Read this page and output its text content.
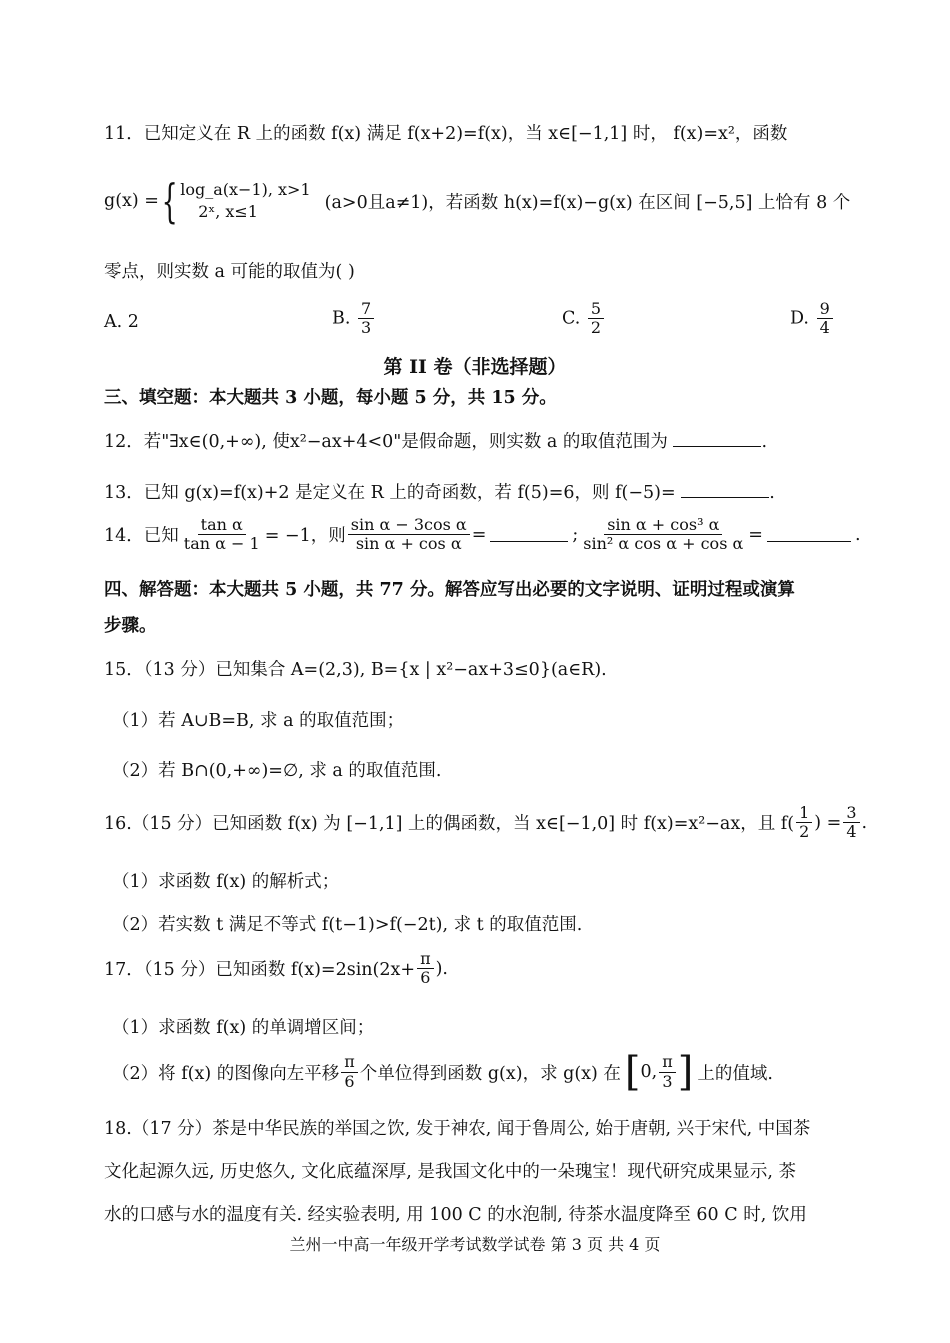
11．已知定义在 R 上的函数 f(x) 满足 f(x+2)=f(x)，当 x∈[−1,1] 时， f(x)=x²，函数
g(x) = { log_a(x−1), x>1
2ˣ, x≤1	(a>0且a≠1)，若函数 h(x)=f(x)−g(x) 在区间 [−5,5] 上恰有 8 个
零点，则实数 a 可能的取值为( )
A. 2	B. $\frac{7}{3}$	C. $\frac{5}{2}$	D. $\frac{9}{4}$
第 II 卷（非选择题）
三、填空题：本大题共 3 小题，每小题 5 分，共 15 分。
12．若"∃x∈(0,+∞), 使x²−ax+4<0"是假命题，则实数 a 的取值范围为	.
13．已知 g(x)=f(x)+2 是定义在 R 上的奇函数，若 f(5)=6，则 f(−5)=	.
14．已知 $\frac{\text{tan α}}{\text{tan α − 1}} = -1$，则 $\frac{\text{sin α − 3cos α}}{\text{sin α + cos α}}$ =	; $\frac{\text{sin α + cos³ α}}{\text{sin² α cos α + cos α}}$ =	.
四、解答题：本大题共 5 小题，共 77 分。解答应写出必要的文字说明、证明过程或演算
步骤。
15．（13 分）已知集合 A=(2,3), B={x | x²−ax+3≤0}(a∈R).
（1）若 A∪B=B, 求 a 的取值范围；
（2）若 B∩(0,+∞)=∅, 求 a 的取值范围.
16.（15 分）已知函数 f(x) 为 [−1,1] 上的偶函数，当 x∈[−1,0] 时 f(x)=x²−ax，且 $f( \frac{1}{2}$ ) = $\frac{3}{4}$ .
（1）求函数 f(x) 的解析式；
（2）若实数 t 满足不等式 f(t−1)>f(−2t), 求 t 的取值范围.
17．（15 分）已知函数 $f(x)=2\sin(2x+ \frac{\pi}{6}$ ).
（1）求函数 f(x) 的单调增区间；
（2）将 f(x) 的图像向左平移 $\frac{\pi}{6}$ 个单位得到函数 g(x)，求 g(x) 在 [ 0, $\frac{\pi}{3}$ ] 上的值域.
18.（17 分）茶是中华民族的举国之饮, 发于神农, 闻于鲁周公, 始于唐朝, 兴于宋代, 中国茶
文化起源久远, 历史悠久, 文化底蕴深厚, 是我国文化中的一朵瑰宝！现代研究成果显示, 茶
水的口感与水的温度有关. 经实验表明, 用 100 C 的水泡制, 待茶水温度降至 60 C 时, 饮用
兰州一中高一年级开学考试数学试卷 第 3 页 共 4 页
